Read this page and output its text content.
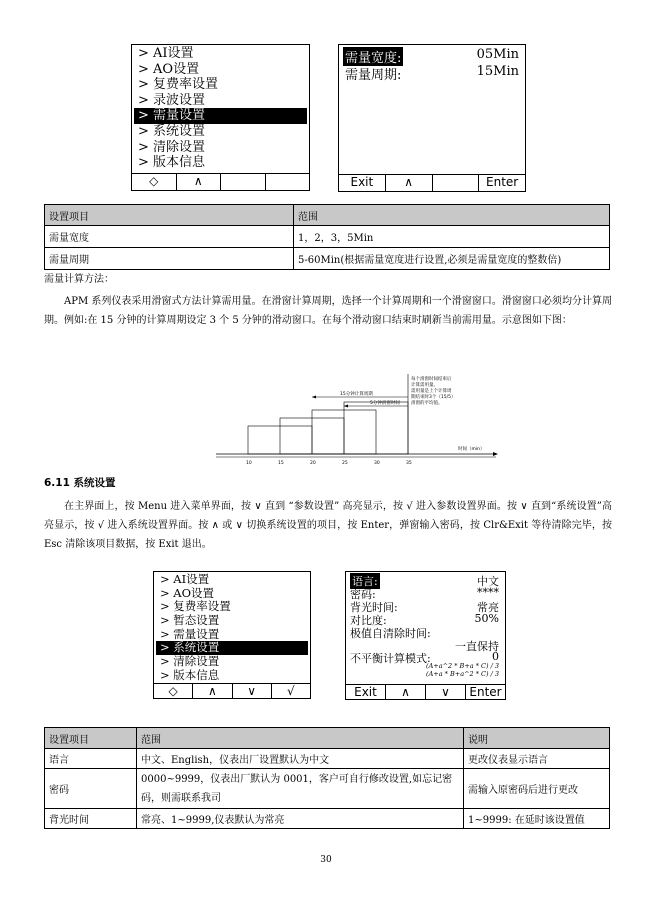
> AI设置
> AO设置
> 复费率设置
> 录波设置
> 需量设置
> 系统设置
> 清除设置
> 版本信息
◇	∧
需量宽度:	05Min
需量周期:	15Min
Exit	∧	Enter
设置项目	范围
需量宽度	1，2，3，5Min
需量周期	5-60Min(根据需量宽度进行设置,必须是需量宽度的整数倍)
需量计算方法：
APM 系列仪表采用滑窗式方法计算需用量。在滑窗计算周期，选择一个计算周期和一个滑窗窗口。滑窗窗口必须均分计算周期。例如:在 15 分钟的计算周期设定 3 个 5 分钟的滑动窗口。在每个滑动窗口结束时刷新当前需用量。示意图如下图：
15分钟计算周期
5分钟滑窗时间
每个滑窗时间结束后
计算需用量。
需用量是上个计算周
期结束时3个（15/5）
滑窗的平均值。
时间（min）
10	15	20	25	30	35
6.11 系统设置
在主界面上，按 Menu 进入菜单界面，按 ∨ 直到 “参数设置” 高亮显示，按 √ 进入参数设置界面。按 ∨ 直到“系统设置”高亮显示，按 √ 进入系统设置界面。按 ∧ 或 ∨ 切换系统设置的项目，按 Enter，弹窗输入密码，按 Clr&Exit 等待清除完毕，按 Esc 清除该项目数据，按 Exit 退出。
> AI设置
> AO设置
> 复费率设置
> 暂态设置
> 需量设置
> 系统设置
> 清除设置
> 版本信息
◇	∧	∨	√
语言:	中文
密码:	****
背光时间:	常亮
对比度:	50%
极值自清除时间:
一直保持
不平衡计算模式:	0
(A+a^2 * B+a * C) / 3
(A+a * B+a^2 * C) / 3
Exit	∧	∨	Enter
设置项目	范围	说明
语言	中文、English，仪表出厂设置默认为中文	更改仪表显示语言
密码	0000~9999，仪表出厂默认为 0001，客户可自行修改设置,如忘记密码，则需联系我司	需输入原密码后进行更改
背光时间	常亮、1~9999,仪表默认为常亮	1~9999: 在延时该设置值
30
